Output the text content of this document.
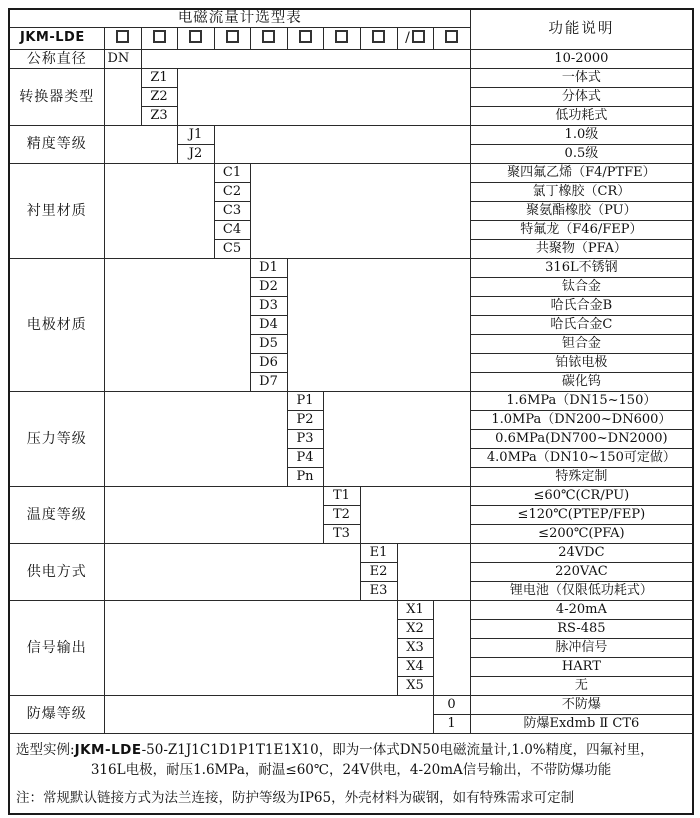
电磁流量计选型表											功能说明
JKM-LDE									/		
公称直径	DN										10-2000
转换器类型		Z1									一体式
		Z2									分体式
		Z3									低功耗式
精度等级			J1								1.0级
			J2								0.5级
衬里材质				C1							聚四氟乙烯（F4/PTFE）
				C2							氯丁橡胶（CR）
				C3							聚氨酯橡胶（PU）
				C4							特氟龙（F46/FEP）
				C5							共聚物（PFA）
电极材质					D1						316L不锈钢
					D2						钛合金
					D3						哈氏合金B
					D4						哈氏合金C
					D5						钽合金
					D6						铂铱电极
					D7						碳化钨
压力等级						P1					1.6MPa（DN15~150）
						P2					1.0MPa（DN200~DN600）
						P3					0.6MPa(DN700~DN2000)
						P4					4.0MPa（DN10~150可定做）
						Pn					特殊定制
温度等级							T1				≤60℃(CR/PU)
							T2				≤120℃(PTEP/FEP)
							T3				≤200℃(PFA)
供电方式								E1			24VDC
								E2			220VAC
								E3			锂电池（仅限低功耗式）
信号输出									X1		4-20mA
									X2		RS-485
									X3		脉冲信号
									X4		HART
									X5		无
防爆等级										0	不防爆
										1	防爆Exdmb Ⅱ CT6

选型实例:JKM-LDE-50-Z1J1C1D1P1T1E1X10，即为一体式DN50电磁流量计,1.0%精度，四氟衬里，
316L电极，耐压1.6MPa，耐温≤60℃，24V供电，4-20mA信号输出，不带防爆功能
注：常规默认链接方式为法兰连接，防护等级为IP65，外壳材料为碳钢，如有特殊需求可定制											
